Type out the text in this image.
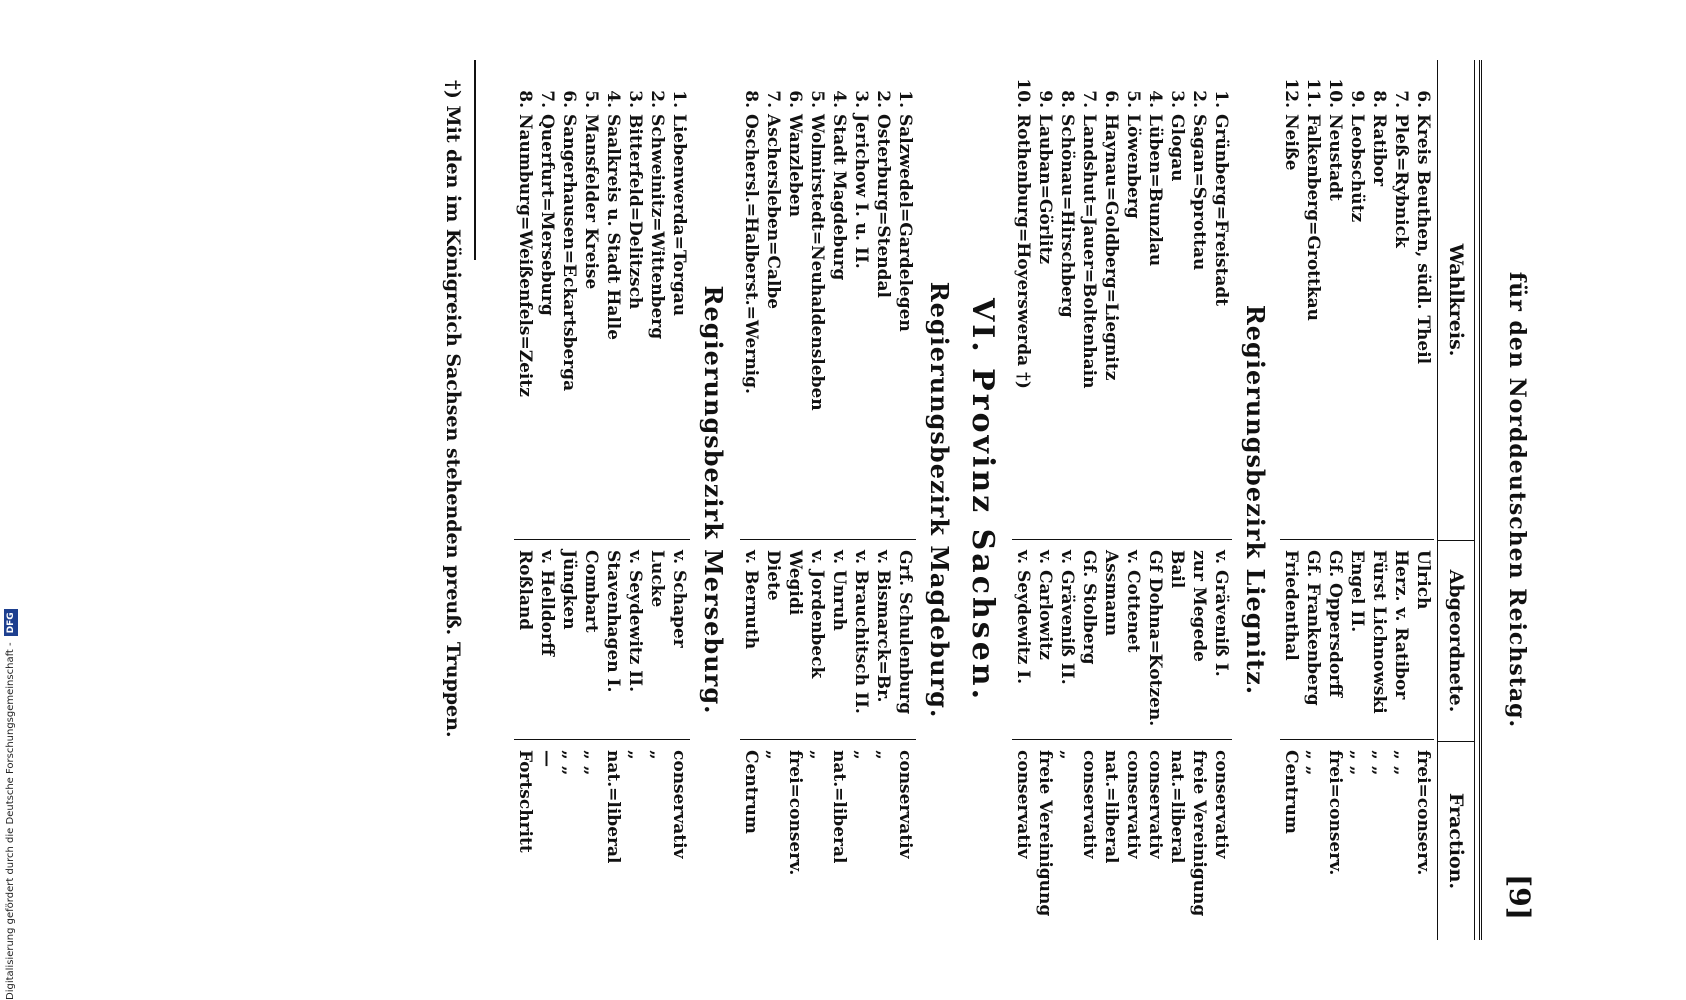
Digitalisierung gefördert durch die Deutsche Forschungsgemeinschaft -
DFG	für den Norddeutschen Reichstag.
[9]
Wahlkreis.
Abgeordnete.
Fraction.
6.Kreis Beuthen, südl. Theil
Ulrich
frei=conserv.
7.Pleß=Rybnick
Herz. v. Ratibor
„ „
8.Ratibor
Fürst Lichnowski
„ „
9.Leobschütz
Engel II.
„ „
10.Neustadt
Gf. Oppersdorff
frei=conserv.
11.Falkenberg=Grottkau
Gf. Frankenberg
„ „
12.Neiße
Friedenthal
Centrum
Regierungsbezirk Liegnitz.
1.Grünberg=Freistadt
v. Gräveniß I.
conservativ
2.Sagan=Sprottau
zur Megede
freie Vereinigung
3.Glogau
Bail
nat.=liberal
4.Lüben=Bunzlau
Gf Dohna=Kotzen.
conservativ
5.Löwenberg
v. Cottenet
conservativ
6.Haynau=Goldberg=Liegnitz
Assmann
nat.=liberal
7.Landshut=Jauer=Boltenhain
Gf. Stolberg
conservativ
8.Schönau=Hirschberg
v. Gräveniß II.
„
9.Lauban=Görlitz
v. Carlowitz
freie Vereinigung
10.Rothenburg=Hoyerswerda †)
v. Seydewitz I.
conservativ
VI. Provinz Sachsen.
Regierungsbezirk Magdeburg.
1.Salzwedel=Gardelegen
Grf. Schulenburg
conservativ
2.Osterburg=Stendal
v. Bismarck=Br.
„
3.Jerichow I. u. II.
v. Brauchitsch II.
„
4.Stadt Magdeburg
v. Unruh
nat.=liberal
5.Wolmirstedt=Neuhaldensleben
v. Jordenbeck
„
6.Wanzleben
Wegidi
frei=conserv.
7.Aschersleben=Calbe
Diete
„
8.Oschersl.=Halberst.=Wernig.
v. Bernuth
Centrum
Regierungsbezirk Merseburg.
1.Liebenwerda=Torgau
v. Schaper
conservativ
2.Schweinitz=Wittenberg
Lucke
„
3.Bitterfeld=Delitzsch
v. Seydewitz II.
„
4.Saalkreis u. Stadt Halle
Stavenhagen I.
nat.=liberal
5.Mansfelder Kreise
Combart
„ „
6.Sangerhausen=Eckartsberga
Jüngken
„ „
7.Querfurt=Merseburg
v. Helldorff
—
8.Naumburg=Weißenfels=Zeitz
Roßland
Fortschritt
†) Mit den im Königreich Sachsen stehenden preuß. Truppen.
